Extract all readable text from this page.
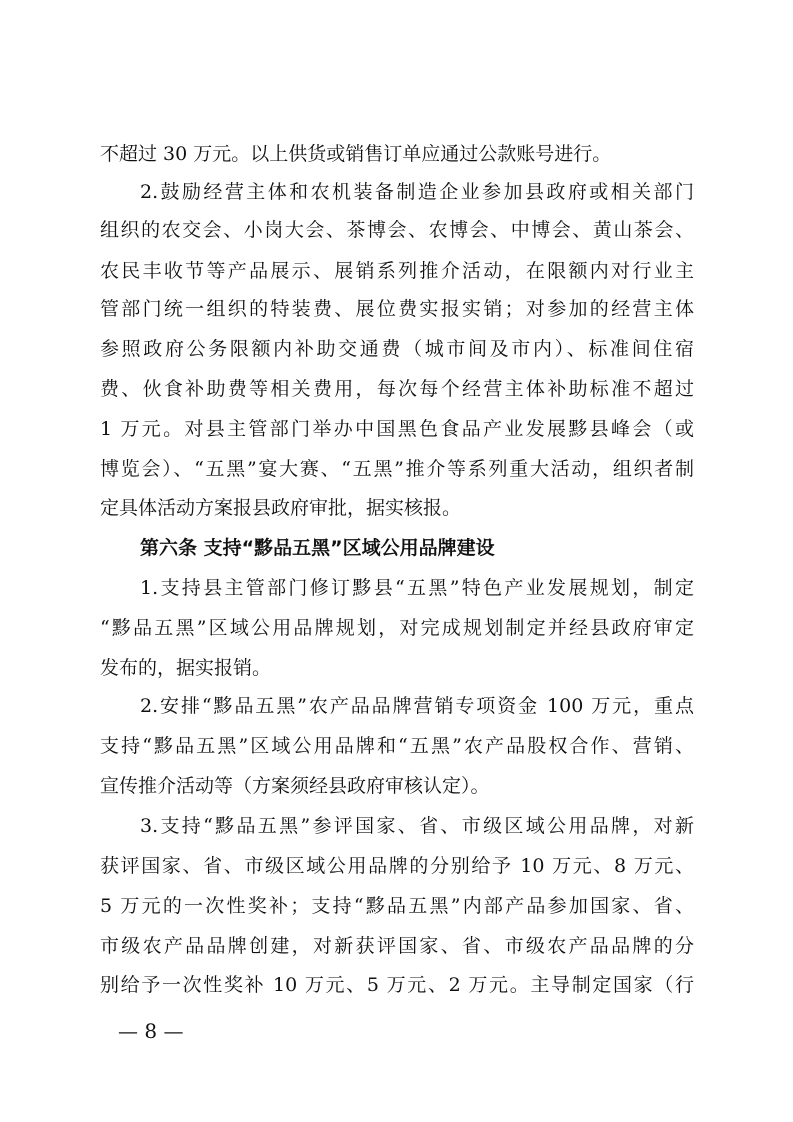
不超过 30 万元。以上供货或销售订单应通过公款账号进行。
2.鼓励经营主体和农机装备制造企业参加县政府或相关部门
组织的农交会、小岗大会、茶博会、农博会、中博会、黄山茶会、
农民丰收节等产品展示、展销系列推介活动，在限额内对行业主
管部门统一组织的特装费、展位费实报实销；对参加的经营主体
参照政府公务限额内补助交通费（城市间及市内）、标准间住宿
费、伙食补助费等相关费用，每次每个经营主体补助标准不超过
1 万元。对县主管部门举办中国黑色食品产业发展黟县峰会（或
博览会）、“五黑”宴大赛、“五黑”推介等系列重大活动，组织者制
定具体活动方案报县政府审批，据实核报。
第六条 支持“黟品五黑”区域公用品牌建设
1.支持县主管部门修订黟县“五黑”特色产业发展规划，制定
“黟品五黑”区域公用品牌规划，对完成规划制定并经县政府审定
发布的，据实报销。
2.安排“黟品五黑”农产品品牌营销专项资金 100 万元，重点
支持“黟品五黑”区域公用品牌和“五黑”农产品股权合作、营销、
宣传推介活动等（方案须经县政府审核认定）。
3.支持“黟品五黑”参评国家、省、市级区域公用品牌，对新
获评国家、省、市级区域公用品牌的分别给予 10 万元、8 万元、
5 万元的一次性奖补；支持“黟品五黑”内部产品参加国家、省、
市级农产品品牌创建，对新获评国家、省、市级农产品品牌的分
别给予一次性奖补 10 万元、5 万元、2 万元。主导制定国家（行
— 8 —
